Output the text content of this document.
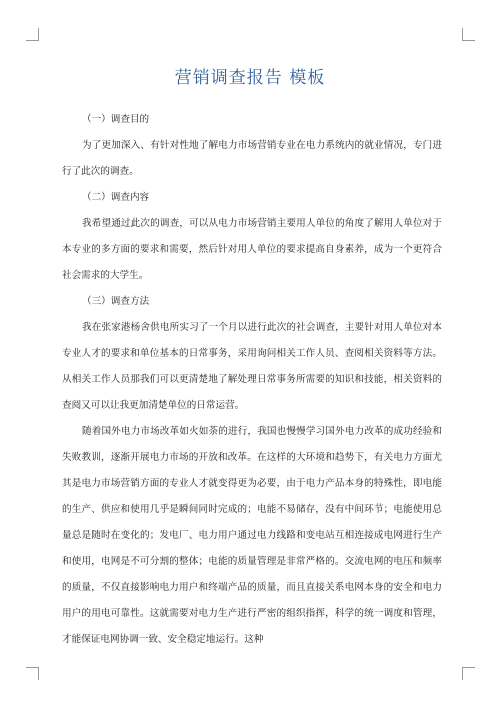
营销调查报告 模板
（一）调查目的

为了更加深入、有针对性地了解电力市场营销专业在电力系统内的就业情况，专门进行了此次的调查。

（二）调查内容

我希望通过此次的调查，可以从电力市场营销主要用人单位的角度了解用人单位对于本专业的多方面的要求和需要，然后针对用人单位的要求提高自身素养，成为一个更符合社会需求的大学生。

（三）调查方法

我在张家港杨舍供电所实习了一个月以进行此次的社会调查，主要针对用人单位对本专业人才的要求和单位基本的日常事务，采用询问相关工作人员、查阅相关资料等方法。从相关工作人员那我们可以更清楚地了解处理日常事务所需要的知识和技能，相关资料的查阅又可以让我更加清楚单位的日常运营。

随着国外电力市场改革如火如荼的进行，我国也慢慢学习国外电力改革的成功经验和失败教训，逐渐开展电力市场的开放和改革。在这样的大环境和趋势下，有关电力方面尤其是电力市场营销方面的专业人才就变得更为必要，由于电力产品本身的特殊性，即电能的生产、供应和使用几乎是瞬间同时完成的；电能不易储存，没有中间环节；电能使用总量总是随时在变化的；发电厂、电力用户通过电力线路和变电站互相连接成电网进行生产和使用，电网是不可分割的整体；电能的质量管理是非常严格的。交流电网的电压和频率的质量，不仅直接影响电力用户和终端产品的质量，而且直接关系电网本身的安全和电力用户的用电可靠性。这就需要对电力生产进行严密的组织指挥，科学的统一调度和管理，才能保证电网协调一致、安全稳定地运行。这种
